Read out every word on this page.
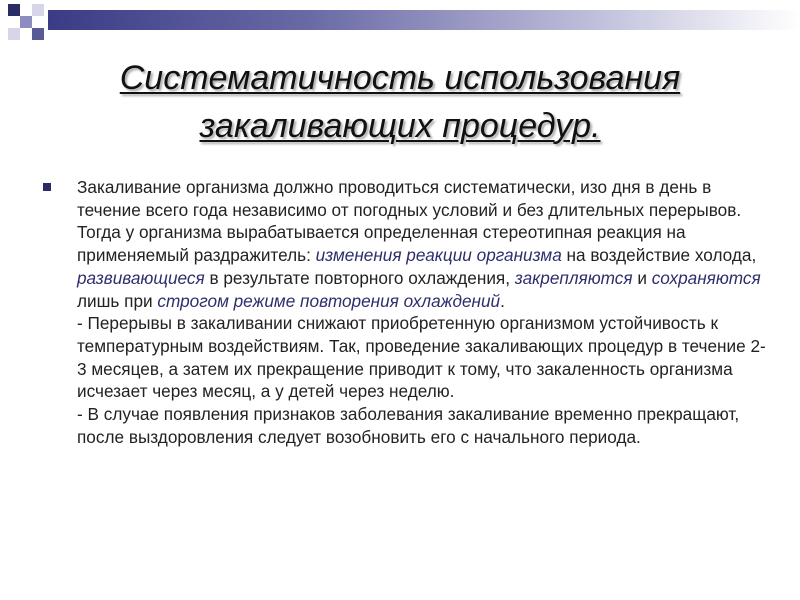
Систематичность использования
закаливающих процедур.

Закаливание организма должно проводиться систематически, изо дня в день в течение всего года независимо от погодных условий и без длительных перерывов. Тогда у организма вырабатывается определенная стереотипная реакция на применяемый раздражитель: изменения реакции организма на воздействие холода, развивающиеся в результате повторного охлаждения, закрепляются и сохраняются лишь при строгом режиме повторения охлаждений.

- Перерывы в закаливании снижают приобретенную организмом устойчивость к температурным воздействиям. Так, проведение закаливающих процедур в течение 2-3 месяцев, а затем их прекращение приводит к тому, что закаленность организма исчезает через месяц, а у детей через неделю.

- В случае появления признаков заболевания закаливание временно прекращают, после выздоровления следует возобновить его с начального периода.
